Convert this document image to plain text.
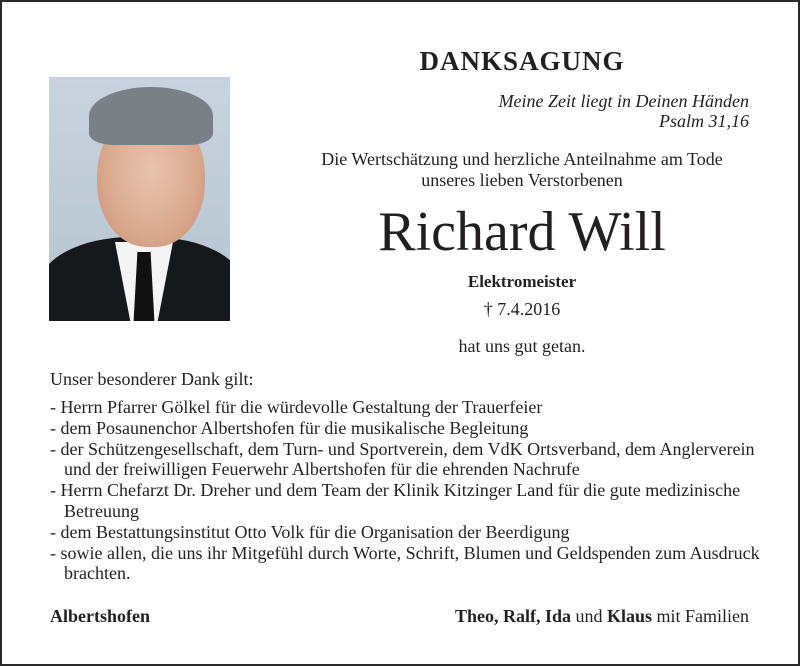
DANKSAGUNG
Meine Zeit liegt in Deinen Händen
Psalm 31,16
Die Wertschätzung und herzliche Anteilnahme am Tode
unseres lieben Verstorbenen
Richard Will
Elektromeister
† 7.4.2016
hat uns gut getan.
Unser besonderer Dank gilt:
- Herrn Pfarrer Gölkel für die würdevolle Gestaltung der Trauerfeier
- dem Posaunenchor Albertshofen für die musikalische Begleitung
- der Schützengesellschaft, dem Turn- und Sportverein, dem VdK Ortsverband, dem Anglerverein und der freiwilligen Feuerwehr Albertshofen für die ehrenden Nachrufe
- Herrn Chefarzt Dr. Dreher und dem Team der Klinik Kitzinger Land für die gute medizinische Betreuung
- dem Bestattungsinstitut Otto Volk für die Organisation der Beerdigung
- sowie allen, die uns ihr Mitgefühl durch Worte, Schrift, Blumen und Geldspenden zum Ausdruck brachten.
Albertshofen	Theo, Ralf, Ida und Klaus mit Familien
